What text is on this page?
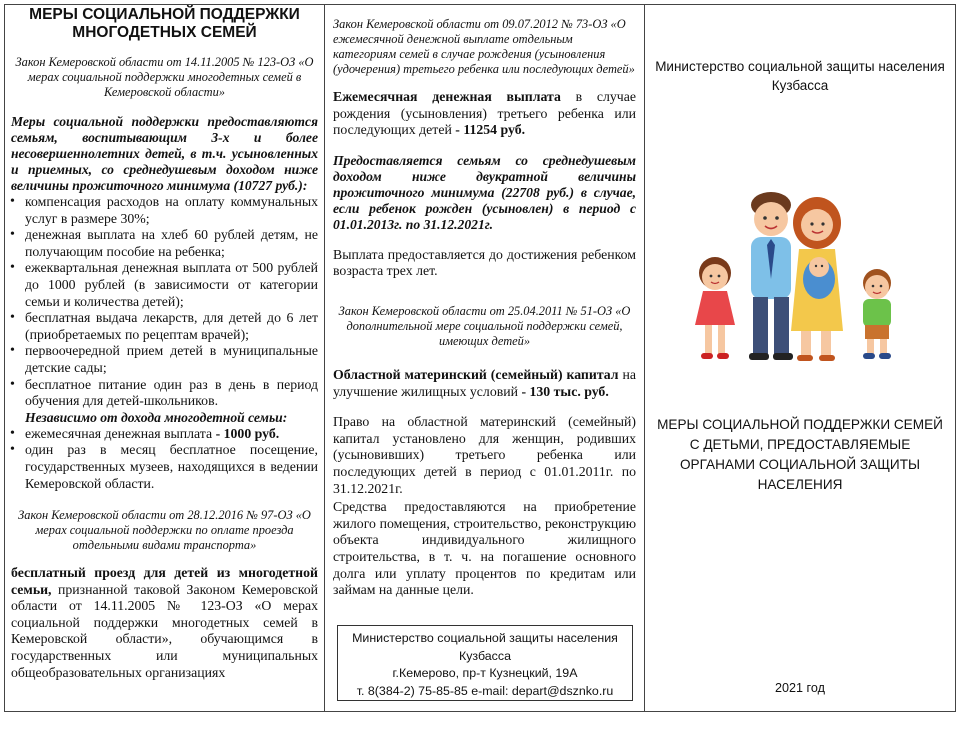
МЕРЫ СОЦИАЛЬНОЙ ПОДДЕРЖКИ МНОГОДЕТНЫХ СЕМЕЙ
Закон Кемеровской области от 14.11.2005 № 123-ОЗ «О мерах социальной поддержки многодетных семей в Кемеровской области»
Меры социальной поддержки предоставляются семьям, воспитывающим 3-х и более несовершеннолетних детей, в т.ч. усыновленных и приемных, со среднедушевым доходом ниже величины прожиточного минимума (10727 руб.):
• компенсация расходов на оплату коммунальных услуг в размере 30%;
• денежная выплата на хлеб 60 рублей детям, не получающим пособие на ребенка;
• ежеквартальная денежная выплата от 500 рублей до 1000 рублей (в зависимости от категории семьи и количества детей);
• бесплатная выдача лекарств, для детей до 6 лет (приобретаемых по рецептам врачей);
• первоочередной прием детей в муниципальные детские сады;
• бесплатное питание один раз в день в период обучения для детей-школьников.
Независимо от дохода многодетной семьи:
• ежемесячная денежная выплата - 1000 руб.
• один раз в месяц бесплатное посещение, государственных музеев, находящихся в ведении Кемеровской области.
Закон Кемеровской области от 28.12.2016 № 97-ОЗ «О мерах социальной поддержки по оплате проезда отдельными видами транспорта»
бесплатный проезд для детей из многодетной семьи, признанной таковой Законом Кемеровской области от 14.11.2005 № 123-ОЗ «О мерах социальной поддержки многодетных семей в Кемеровской области», обучающимся в государственных или муниципальных общеобразовательных организациях
Закон Кемеровской области от 09.07.2012 № 73-ОЗ «О ежемесячной денежной выплате отдельным категориям семей в случае рождения (усыновления (удочерения) третьего ребенка или последующих детей»
Ежемесячная денежная выплата в случае рождения (усыновления) третьего ребенка или последующих детей - 11254 руб.
Предоставляется семьям со среднедушевым доходом ниже двукратной величины прожиточного минимума (22708 руб.) в случае, если ребенок рожден (усыновлен) в период с 01.01.2013г. по 31.12.2021г.
Выплата предоставляется до достижения ребенком возраста трех лет.
Закон Кемеровской области от 25.04.2011 № 51-ОЗ «О дополнительной мере социальной поддержки семей, имеющих детей»
Областной материнский (семейный) капитал на улучшение жилищных условий - 130 тыс. руб.
Право на областной материнский (семейный) капитал установлено для женщин, родивших (усыновивших) третьего ребенка или последующих детей в период с 01.01.2011г. по 31.12.2021г.
Средства предоставляются на приобретение жилого помещения, строительство, реконструкцию объекта индивидуального жилищного строительства, в т. ч. на погашение основного долга или уплату процентов по кредитам или займам на данные цели.
Министерство социальной защиты населения Кузбасса
г.Кемерово, пр-т Кузнецкий, 19А
т. 8(384-2) 75-85-85 e-mail: depart@dsznko.ru
Министерство социальной защиты населения Кузбасса
МЕРЫ СОЦИАЛЬНОЙ ПОДДЕРЖКИ СЕМЕЙ С ДЕТЬМИ, ПРЕДОСТАВЛЯЕМЫЕ ОРГАНАМИ СОЦИАЛЬНОЙ ЗАЩИТЫ НАСЕЛЕНИЯ
2021 год
